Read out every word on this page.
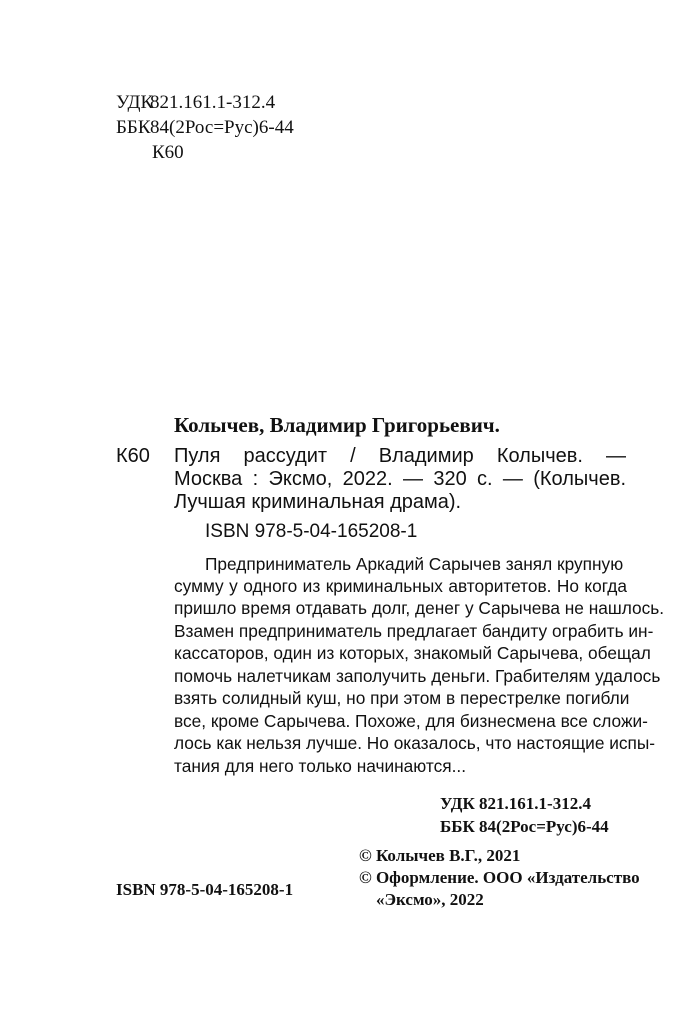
УДК821.161.1-312.4
ББК84(2Рос=Рус)6-44
К60
Колычев, Владимир Григорьевич.
К60 Пуля рассудит / Владимир Колычев. —
Москва : Эксмо, 2022. — 320 с. — (Колычев.
Лучшая криминальная драма).
ISBN 978-5-04-165208-1
Предприниматель Аркадий Сарычев занял крупную
сумму у одного из криминальных авторитетов. Но когда
пришло время отдавать долг, денег у Сарычева не нашлось.
Взамен предприниматель предлагает бандиту ограбить ин-
кассаторов, один из которых, знакомый Сарычева, обещал
помочь налетчикам заполучить деньги. Грабителям удалось
взять солидный куш, но при этом в перестрелке погибли
все, кроме Сарычева. Похоже, для бизнесмена все сложи-
лось как нельзя лучше. Но оказалось, что настоящие испы-
тания для него только начинаются...
УДК 821.161.1-312.4
ББК 84(2Рос=Рус)6-44
© Колычев В.Г., 2021
© Оформление. ООО «Издательство
«Эксмо», 2022
ISBN 978-5-04-165208-1
